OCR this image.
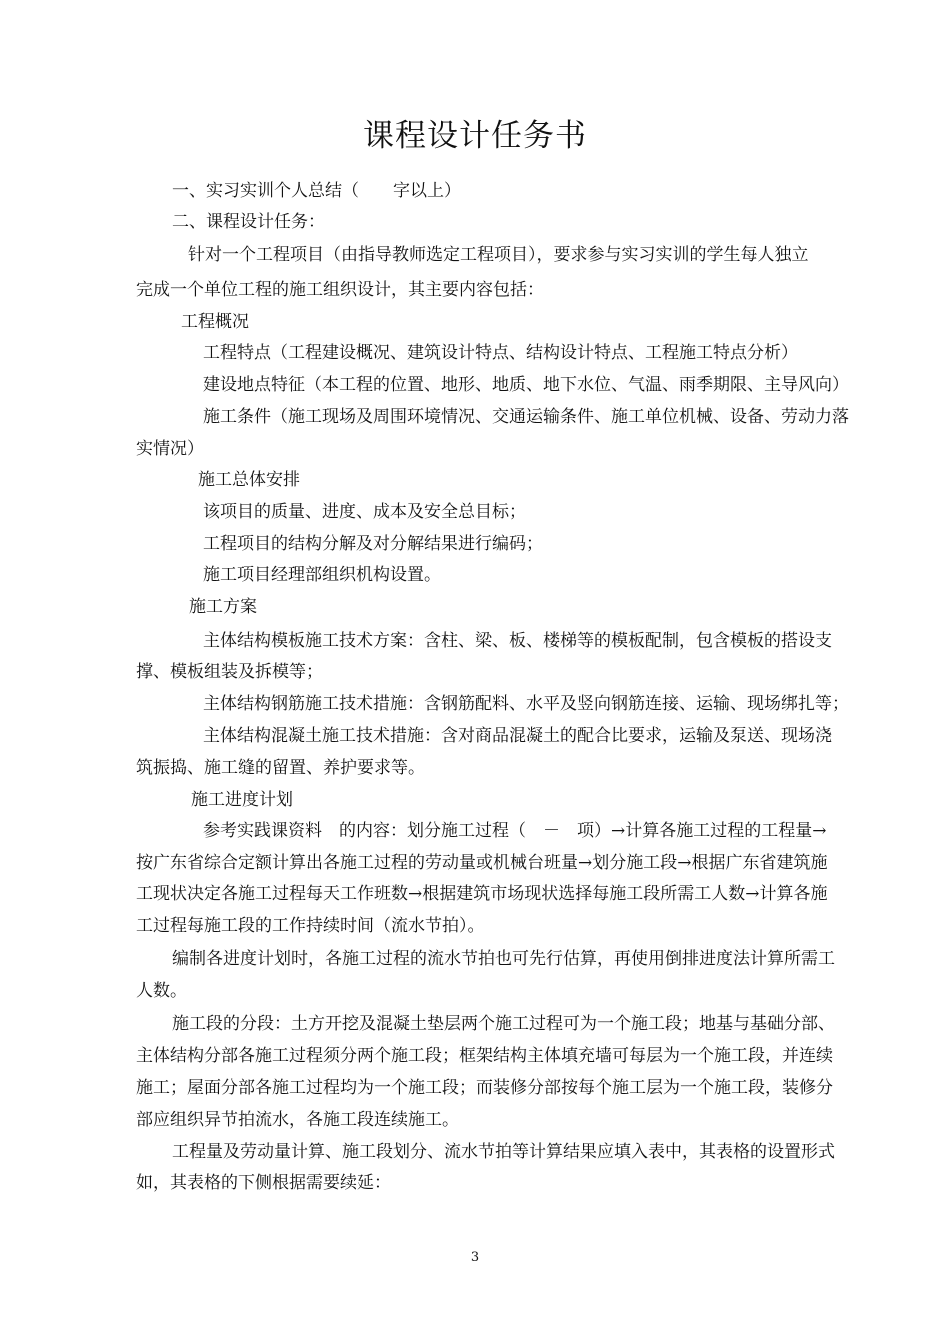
课程设计任务书
一、实习实训个人总结（　　字以上）
二、课程设计任务：
针对一个工程项目（由指导教师选定工程项目），要求参与实习实训的学生每人独立
完成一个单位工程的施工组织设计，其主要内容包括：
工程概况
工程特点（工程建设概况、建筑设计特点、结构设计特点、工程施工特点分析）
建设地点特征（本工程的位置、地形、地质、地下水位、气温、雨季期限、主导风向）
施工条件（施工现场及周围环境情况、交通运输条件、施工单位机械、设备、劳动力落
实情况）
施工总体安排
该项目的质量、进度、成本及安全总目标；
工程项目的结构分解及对分解结果进行编码；
施工项目经理部组织机构设置。
施工方案
主体结构模板施工技术方案：含柱、梁、板、楼梯等的模板配制，包含模板的搭设支
撑、模板组装及拆模等；
主体结构钢筋施工技术措施：含钢筋配料、水平及竖向钢筋连接、运输、现场绑扎等；
主体结构混凝土施工技术措施：含对商品混凝土的配合比要求，运输及泵送、现场浇
筑振捣、施工缝的留置、养护要求等。
施工进度计划
参考实践课资料　的内容：划分施工过程（　－　项）→计算各施工过程的工程量→
按广东省综合定额计算出各施工过程的劳动量或机械台班量→划分施工段→根据广东省建筑施
工现状决定各施工过程每天工作班数→根据建筑市场现状选择每施工段所需工人数→计算各施
工过程每施工段的工作持续时间（流水节拍）。
编制各进度计划时，各施工过程的流水节拍也可先行估算，再使用倒排进度法计算所需工
人数。
施工段的分段：土方开挖及混凝土垫层两个施工过程可为一个施工段；地基与基础分部、
主体结构分部各施工过程须分两个施工段；框架结构主体填充墙可每层为一个施工段，并连续
施工；屋面分部各施工过程均为一个施工段；而装修分部按每个施工层为一个施工段，装修分
部应组织异节拍流水，各施工段连续施工。
工程量及劳动量计算、施工段划分、流水节拍等计算结果应填入表中，其表格的设置形式
如，其表格的下侧根据需要续延：
3
